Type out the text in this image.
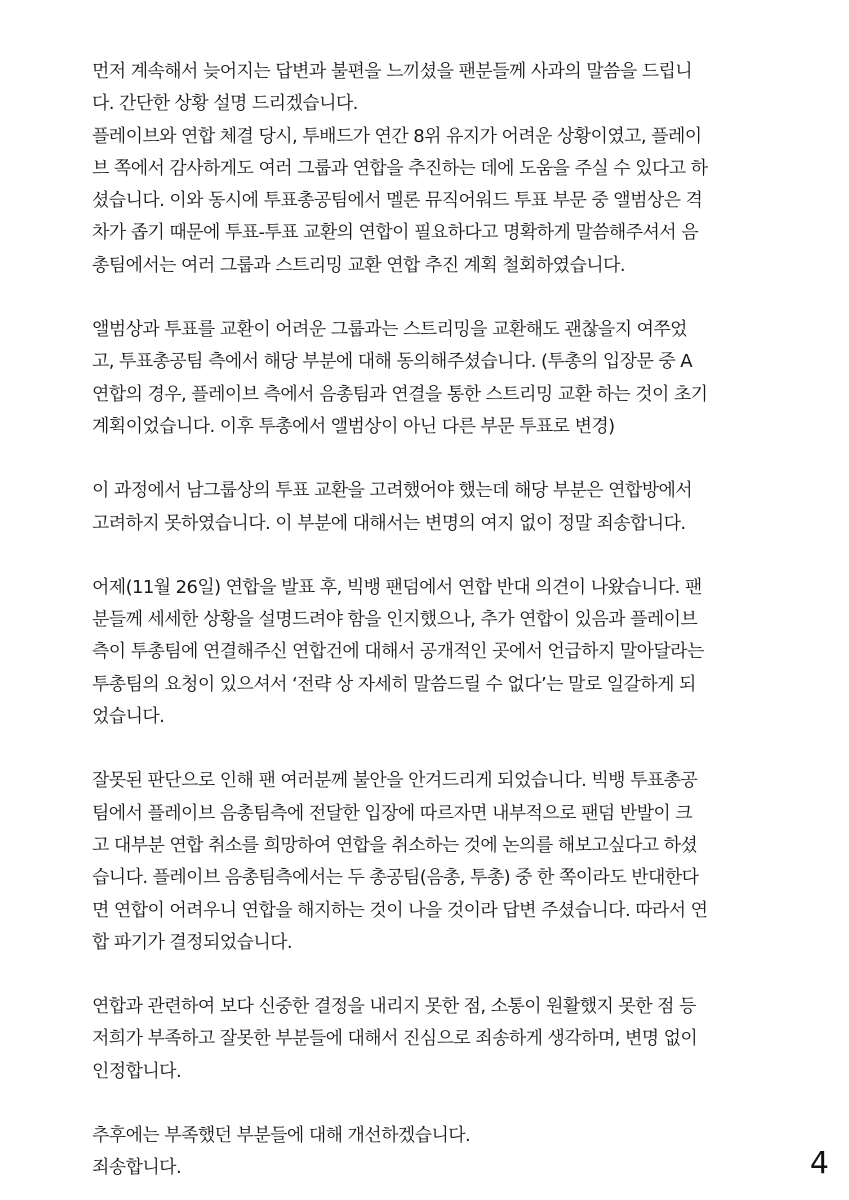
먼저 계속해서 늦어지는 답변과 불편을 느끼셨을 팬분들께 사과의 말씀을 드립니
다. 간단한 상황 설명 드리겠습니다.
플레이브와 연합 체결 당시, 투배드가 연간 8위 유지가 어려운 상황이였고, 플레이
브 쪽에서 감사하게도 여러 그룹과 연합을 추진하는 데에 도움을 주실 수 있다고 하
셨습니다. 이와 동시에 투표총공팀에서 멜론 뮤직어워드 투표 부문 중 앨범상은 격
차가 좁기 때문에 투표-투표 교환의 연합이 필요하다고 명확하게 말씀해주셔서 음
총팀에서는 여러 그룹과 스트리밍 교환 연합 추진 계획 철회하였습니다.
앨범상과 투표를 교환이 어려운 그룹과는 스트리밍을 교환해도 괜찮을지 여쭈었
고, 투표총공팀 측에서 해당 부분에 대해 동의해주셨습니다. (투총의 입장문 중 A
연합의 경우, 플레이브 측에서 음총팀과 연결을 통한 스트리밍 교환 하는 것이 초기
계획이었습니다. 이후 투총에서 앨범상이 아닌 다른 부문 투표로 변경)
이 과정에서 남그룹상의 투표 교환을 고려했어야 했는데 해당 부분은 연합방에서
고려하지 못하였습니다. 이 부분에 대해서는 변명의 여지 없이 정말 죄송합니다.
어제(11월 26일) 연합을 발표 후, 빅뱅 팬덤에서 연합 반대 의견이 나왔습니다. 팬
분들께 세세한 상황을 설명드려야 함을 인지했으나, 추가 연합이 있음과 플레이브
측이 투총팀에 연결해주신 연합건에 대해서 공개적인 곳에서 언급하지 말아달라는
투총팀의 요청이 있으셔서 ‘전략 상 자세히 말씀드릴 수 없다’는 말로 일갈하게 되
었습니다.
잘못된 판단으로 인해 팬 여러분께 불안을 안겨드리게 되었습니다. 빅뱅 투표총공
팀에서 플레이브 음총팀측에 전달한 입장에 따르자면 내부적으로 팬덤 반발이 크
고 대부분 연합 취소를 희망하여 연합을 취소하는 것에 논의를 해보고싶다고 하셨
습니다. 플레이브 음총팀측에서는 두 총공팀(음총, 투총) 중 한 쪽이라도 반대한다
면 연합이 어려우니 연합을 해지하는 것이 나을 것이라 답변 주셨습니다. 따라서 연
합 파기가 결정되었습니다.
연합과 관련하여 보다 신중한 결정을 내리지 못한 점, 소통이 원활했지 못한 점 등
저희가 부족하고 잘못한 부분들에 대해서 진심으로 죄송하게 생각하며, 변명 없이
인정합니다.
추후에는 부족했던 부분들에 대해 개선하겠습니다.
죄송합니다.	4
